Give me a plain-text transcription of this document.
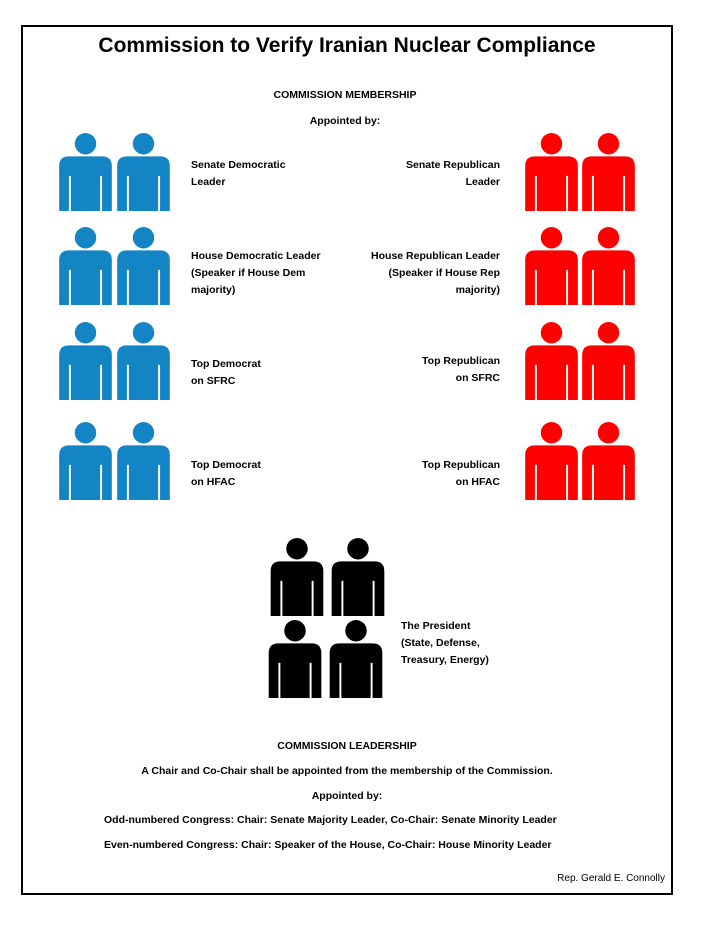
Commission to Verify Iranian Nuclear Compliance
COMMISSION MEMBERSHIP
Appointed by:
Senate Democratic
Leader
House Democratic Leader
(Speaker if House Dem
majority)
Top Democrat
on SFRC
Top Democrat
on HFAC
Senate Republican
Leader
House Republican Leader
(Speaker if House Rep
majority)
Top Republican
on SFRC
Top Republican
on HFAC
The President
(State, Defense,
Treasury, Energy)
COMMISSION LEADERSHIP
A Chair and Co-Chair shall be appointed from the membership of the Commission.
Appointed by:
Odd-numbered Congress: Chair: Senate Majority Leader, Co-Chair: Senate Minority Leader
Even-numbered Congress: Chair: Speaker of the House, Co-Chair: House Minority Leader
Rep. Gerald E. Connolly
